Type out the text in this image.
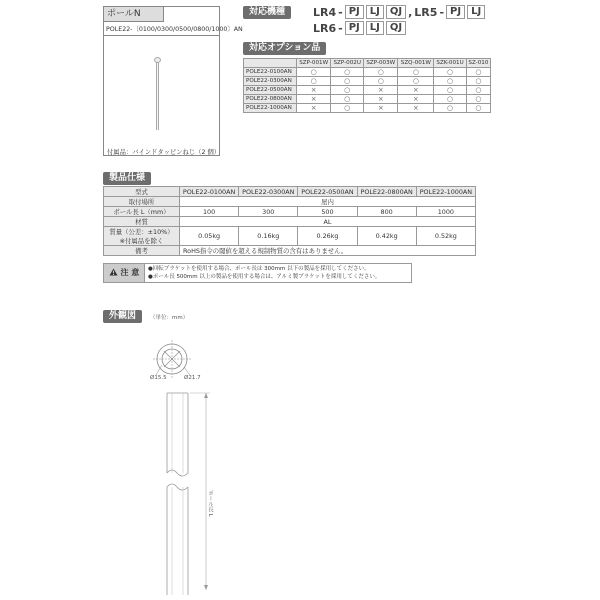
ポールN
POLE22-〔0100/0300/0500/0800/1000〕AN
付属品：バインドタッピンねじ（2 個）
対応機種	LR4 - PJ	LJ	QJ , LR5 - PJ	LJ
LR6 - PJ	LJ	QJ
対応オプション品
	SZP-001W	SZP-002U	SZP-003W	SZQ-001W	SZK-001U	SZ-010
POLE22-0100AN	○	○	○	○	○	○
POLE22-0300AN	○	○	○	○	○	○
POLE22-0500AN	×	○	×	×	○	○
POLE22-0800AN	×	○	×	×	○	○
POLE22-1000AN	×	○	×	×	○	○
製品仕様
型式	POLE22-0100AN	POLE22-0300AN	POLE22-0500AN	POLE22-0800AN	POLE22-1000AN
取付場所	屋内				
ポール長 L（mm）	100	300	500	800	1000
材質	AL				

質量（公差：±10%）
※付属品を除く	0.05kg	0.16kg	0.26kg	0.42kg	0.52kg
備考	RoHS指令の閾値を超える規制物質の含有はありません。				
注 意	●回転ブラケットを使用する場合、ポール長は 300mm 以下の製品を採用してください。
●ポール長 500mm 以上の製品を使用する場合は、アルミ製ブラケットを採用してください。
外観図	（単位：mm）
Ø15.5	Ø21.7
ポール長 L
